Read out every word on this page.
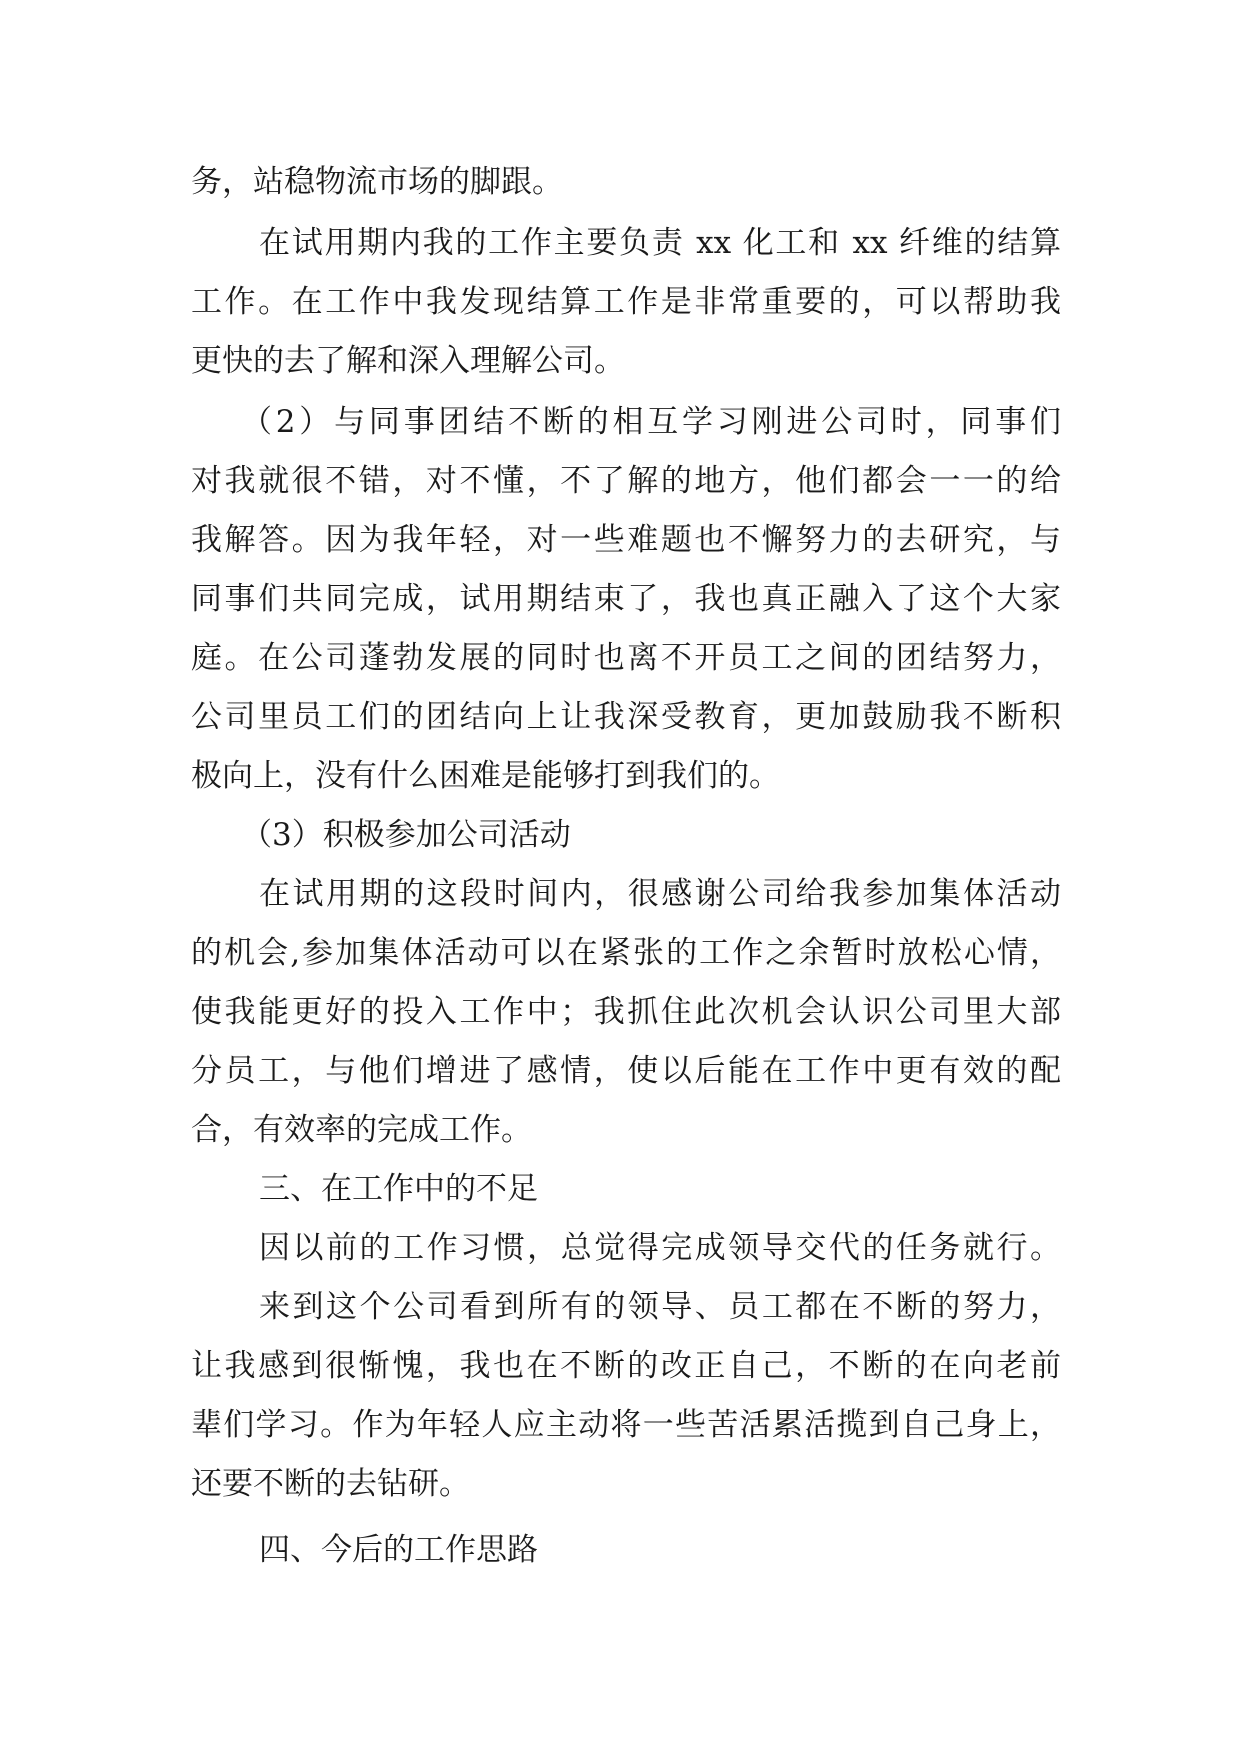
务，站稳物流市场的脚跟。
在试用期内我的工作主要负责 xx 化工和 xx 纤维的结算
工作。在工作中我发现结算工作是非常重要的，可以帮助我
更快的去了解和深入理解公司。
（2）与同事团结不断的相互学习刚进公司时，同事们
对我就很不错，对不懂，不了解的地方，他们都会一一的给
我解答。因为我年轻，对一些难题也不懈努力的去研究，与
同事们共同完成，试用期结束了，我也真正融入了这个大家
庭。在公司蓬勃发展的同时也离不开员工之间的团结努力，
公司里员工们的团结向上让我深受教育，更加鼓励我不断积
极向上，没有什么困难是能够打到我们的。
（3）积极参加公司活动
在试用期的这段时间内，很感谢公司给我参加集体活动
的机会,参加集体活动可以在紧张的工作之余暂时放松心情，
使我能更好的投入工作中；我抓住此次机会认识公司里大部
分员工，与他们增进了感情，使以后能在工作中更有效的配
合，有效率的完成工作。
三、在工作中的不足
因以前的工作习惯，总觉得完成领导交代的任务就行。
来到这个公司看到所有的领导、员工都在不断的努力，
让我感到很惭愧，我也在不断的改正自己，不断的在向老前
辈们学习。作为年轻人应主动将一些苦活累活揽到自己身上，
还要不断的去钻研。
四、今后的工作思路
